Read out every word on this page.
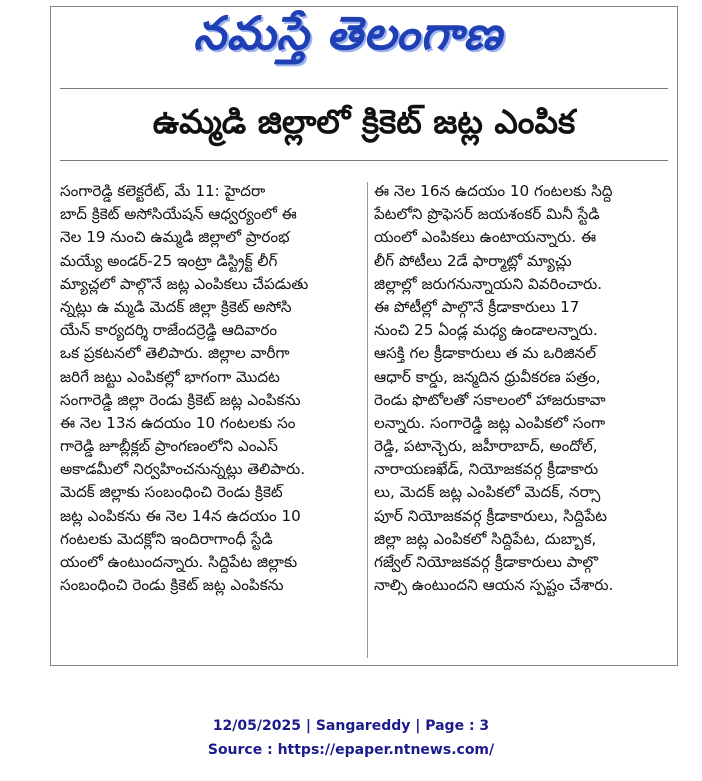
నమస్తే తెలంగాణ
ఉమ్మడి జిల్లాలో క్రికెట్ జట్ల ఎంపిక
సంగారెడ్డి కలెక్టరేట్, మే 11: హైదరా
బాద్ క్రికెట్ అసోసియేషన్ ఆధ్వర్యంలో ఈ
నెల 19 నుంచి ఉమ్మడి జిల్లాలో ప్రారంభ
మయ్యే అండర్-25 ఇంట్రా డిస్ట్రిక్ట్ లీగ్
మ్యాచ్లలో పాల్గొనే జట్ల ఎంపికలు చేపడుతు
న్నట్లు ఉ మ్మడి మెదక్ జిల్లా క్రికెట్ అసోసి
యేన్ కార్యదర్శి రాజేందర్రెడ్డి ఆదివారం
ఒక ప్రకటనలో తెలిపారు. జిల్లాల వారీగా
జరిగే జట్టు ఎంపికల్లో భాగంగా మొదట
సంగారెడ్డి జిల్లా రెండు క్రికెట్ జట్ల ఎంపికను
ఈ నెల 13న ఉదయం 10 గంటలకు సం
గారెడ్డి జూబ్లీక్లబ్ ప్రాంగణంలోని ఎంఎస్
అకాడమీలో నిర్వహించనున్నట్లు తెలిపారు.
మెదక్ జిల్లాకు సంబంధించి రెండు క్రికెట్
జట్ల ఎంపికను ఈ నెల 14న ఉదయం 10
గంటలకు మెదక్లోని ఇందిరాగాంధీ స్టేడి
యంలో ఉంటుందన్నారు. సిద్దిపేట జిల్లాకు
సంబంధించి రెండు క్రికెట్ జట్ల ఎంపికను
ఈ నెల 16న ఉదయం 10 గంటలకు సిద్ది
పేటలోని ప్రొఫెసర్ జయశంకర్ మినీ స్టేడి
యంలో ఎంపికలు ఉంటాయన్నారు. ఈ
లీగ్ పోటీలు 2డే ఫార్మాట్లో మ్యాచ్లు
జిల్లాల్లో జరుగనున్నాయని వివరించారు.
ఈ పోటీల్లో పాల్గొనే క్రీడాకారులు 17
నుంచి 25 ఏండ్ల మధ్య ఉండాలన్నారు.
ఆసక్తి గల క్రీడాకారులు త మ ఒరిజినల్
ఆధార్ కార్డు, జన్మదిన ధ్రువీకరణ పత్రం,
రెండు ఫొటోలతో సకాలంలో హాజరుకావా
లన్నారు. సంగారెడ్డి జట్ల ఎంపికలో సంగా
రెడ్డి, పటాన్చెరు, జహీరాబాద్, అందోల్,
నారాయణఖేడ్, నియోజకవర్గ క్రీడాకారు
లు, మెదక్ జట్ల ఎంపికలో మెదక్, నర్సా
పూర్ నియోజకవర్గ క్రీడాకారులు, సిద్దిపేట
జిల్లా జట్ల ఎంపికలో సిద్దిపేట, దుబ్బాక,
గజ్వేల్ నియోజకవర్గ క్రీడాకారులు పాల్గొ
నాల్సి ఉంటుందని ఆయన స్పష్టం చేశారు.
12/05/2025 | Sangareddy | Page : 3
Source : https://epaper.ntnews.com/
